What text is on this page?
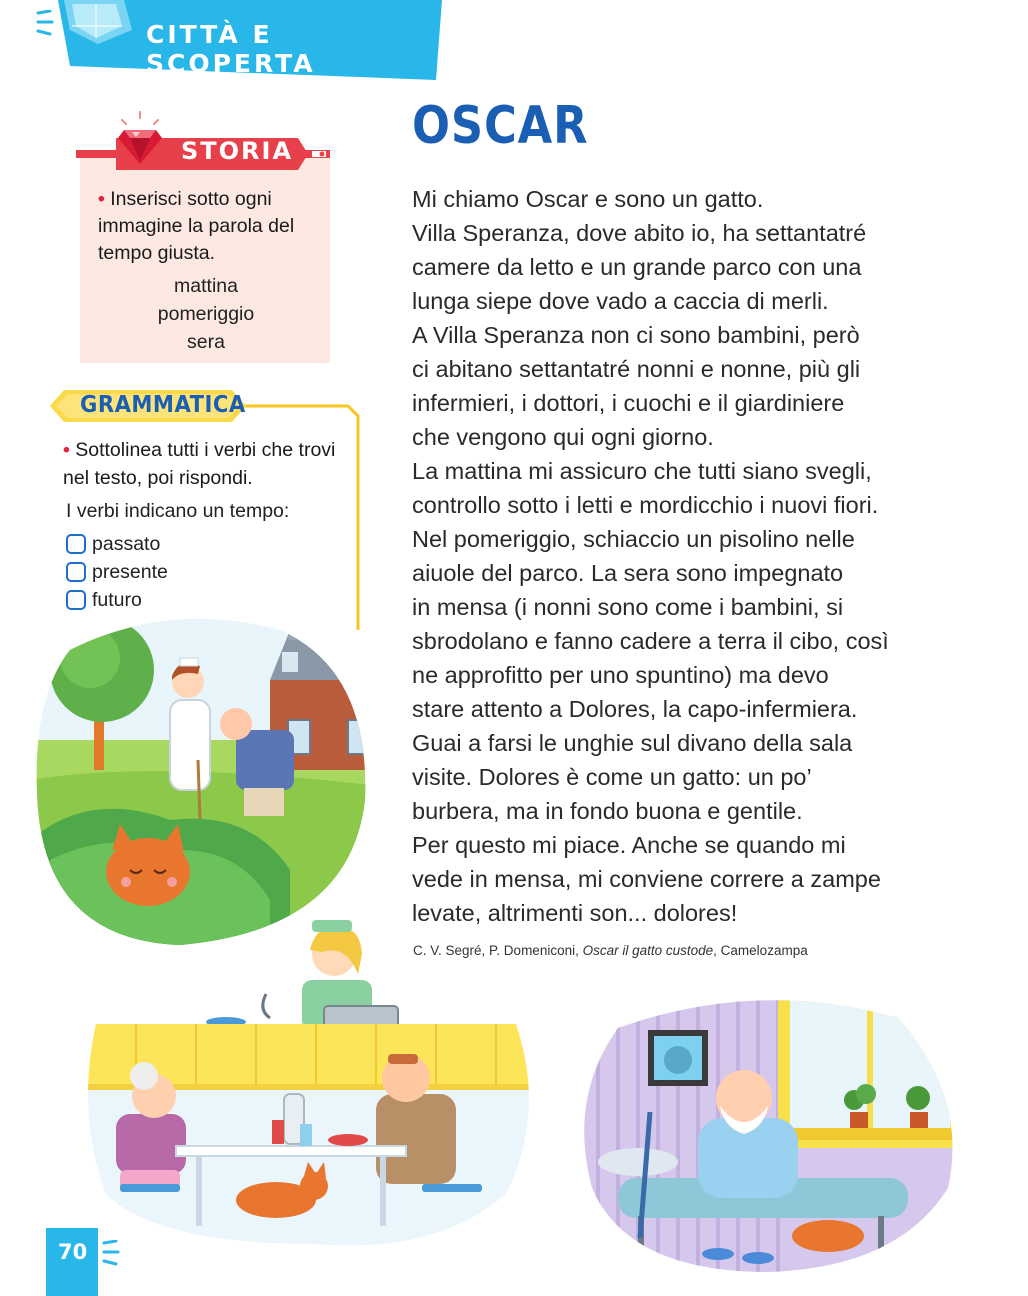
CITTÀ E SCOPERTA
STORIA
• Inserisci sotto ogni immagine la parola del tempo giusta.
mattina
pomeriggio
sera
GRAMMATICA
• Sottolinea tutti i verbi che trovi nel testo, poi rispondi.
I verbi indicano un tempo:
passato
presente
futuro
OSCAR
Mi chiamo Oscar e sono un gatto.
Villa Speranza, dove abito io, ha settantatré
camere da letto e un grande parco con una
lunga siepe dove vado a caccia di merli.
A Villa Speranza non ci sono bambini, però
ci abitano settantatré nonni e nonne, più gli
infermieri, i dottori, i cuochi e il giardiniere
che vengono qui ogni giorno.
La mattina mi assicuro che tutti siano svegli,
controllo sotto i letti e mordicchio i nuovi fiori.
Nel pomeriggio, schiaccio un pisolino nelle
aiuole del parco. La sera sono impegnato
in mensa (i nonni sono come i bambini, si
sbrodolano e fanno cadere a terra il cibo, così
ne approfitto per uno spuntino) ma devo
stare attento a Dolores, la capo-infermiera.
Guai a farsi le unghie sul divano della sala
visite. Dolores è come un gatto: un po’
burbera, ma in fondo buona e gentile.
Per questo mi piace. Anche se quando mi
vede in mensa, mi conviene correre a zampe
levate, altrimenti son... dolores!
C. V. Segré, P. Domeniconi, Oscar il gatto custode, Camelozampa
70
